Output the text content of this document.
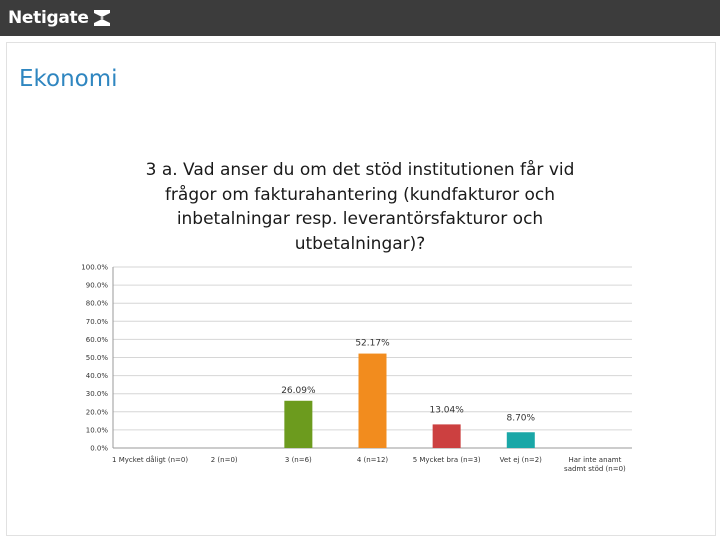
Netigate
Ekonomi
3 a. Vad anser du om det stöd institutionen får vid
frågor om fakturahantering (kundfakturor och
inbetalningar resp. leverantörsfakturor och
utbetalningar)?
0.0%
10.0%
20.0%
30.0%
40.0%
50.0%
60.0%
70.0%
80.0%
90.0%
100.0%
1 Mycket dåligt (n=0)	2 (n=0)
26.09%
3 (n=6)
52.17%
4 (n=12)
13.04%
5 Mycket bra (n=3)
8.70%
Vet ej (n=2)	Har inte anamt
sadmt stöd (n=0)
